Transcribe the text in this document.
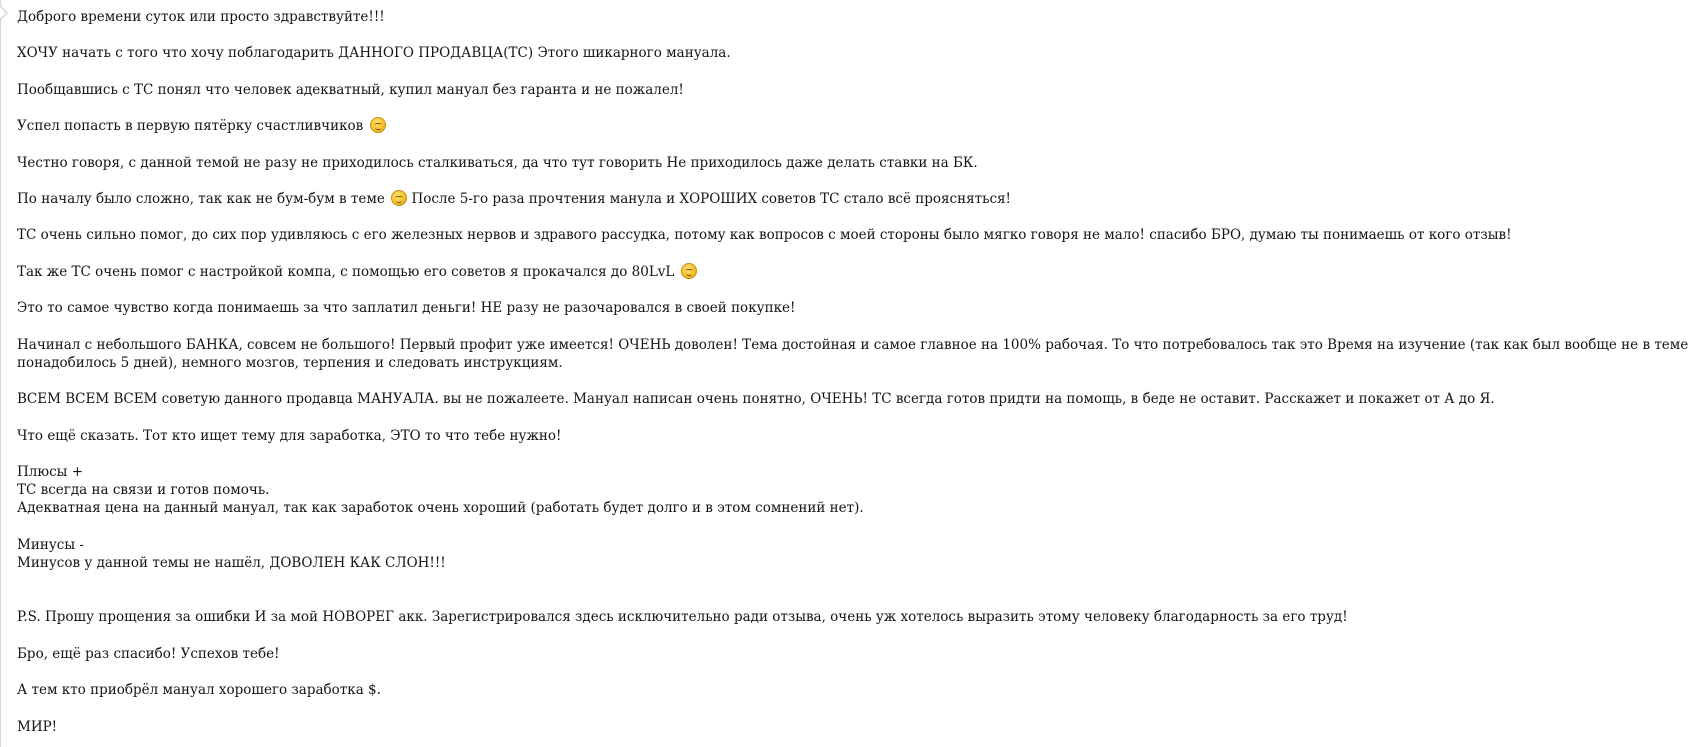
Доброго времени суток или просто здравствуйте!!!
ХОЧУ начать с того что хочу поблагодарить ДАННОГО ПРОДАВЦА(ТС) Этого шикарного мануала.
Пообщавшись с ТС понял что человек адекватный, купил мануал без гаранта и не пожалел!
Успел попасть в первую пятёрку счастливчиков
Честно говоря, с данной темой не разу не приходилось сталкиваться, да что тут говорить Не приходилось даже делать ставки на БК.
По началу было сложно, так как не бум-бум в теме После 5-го раза прочтения манула и ХОРОШИХ советов ТС стало всё проясняться!
ТС очень сильно помог, до сих пор удивляюсь с его железных нервов и здравого рассудка, потому как вопросов с моей стороны было мягко говоря не мало! спасибо БРО, думаю ты понимаешь от кого отзыв!
Так же ТС очень помог с настройкой компа, с помощью его советов я прокачался до 80LvL
Это то самое чувство когда понимаешь за что заплатил деньги! НЕ разу не разочаровался в своей покупке!
Начинал с небольшого БАНКА, совсем не большого! Первый профит уже имеется! ОЧЕНЬ доволен! Тема достойная и самое главное на 100% рабочая. То что потребовалось так это Время на изучение (так как был вообще не в теме понадобилось 5 дней), немного мозгов, терпения и следовать инструкциям.
ВСЕМ ВСЕМ ВСЕМ советую данного продавца МАНУАЛА. вы не пожалеете. Мануал написан очень понятно, ОЧЕНЬ! ТС всегда готов придти на помощь, в беде не оставит. Расскажет и покажет от А до Я.
Что ещё сказать. Тот кто ищет тему для заработка, ЭТО то что тебе нужно!
Плюсы +
ТС всегда на связи и готов помочь.
Адекватная цена на данный мануал, так как заработок очень хороший (работать будет долго и в этом сомнений нет).
Минусы -
Минусов у данной темы не нашёл, ДОВОЛЕН КАК СЛОН!!!
P.S. Прошу прощения за ошибки И за мой НОВОРЕГ акк. Зарегистрировался здесь исключительно ради отзыва, очень уж хотелось выразить этому человеку благодарность за его труд!
Бро, ещё раз спасибо! Успехов тебе!
А тем кто приобрёл мануал хорошего заработка $.
МИР!
